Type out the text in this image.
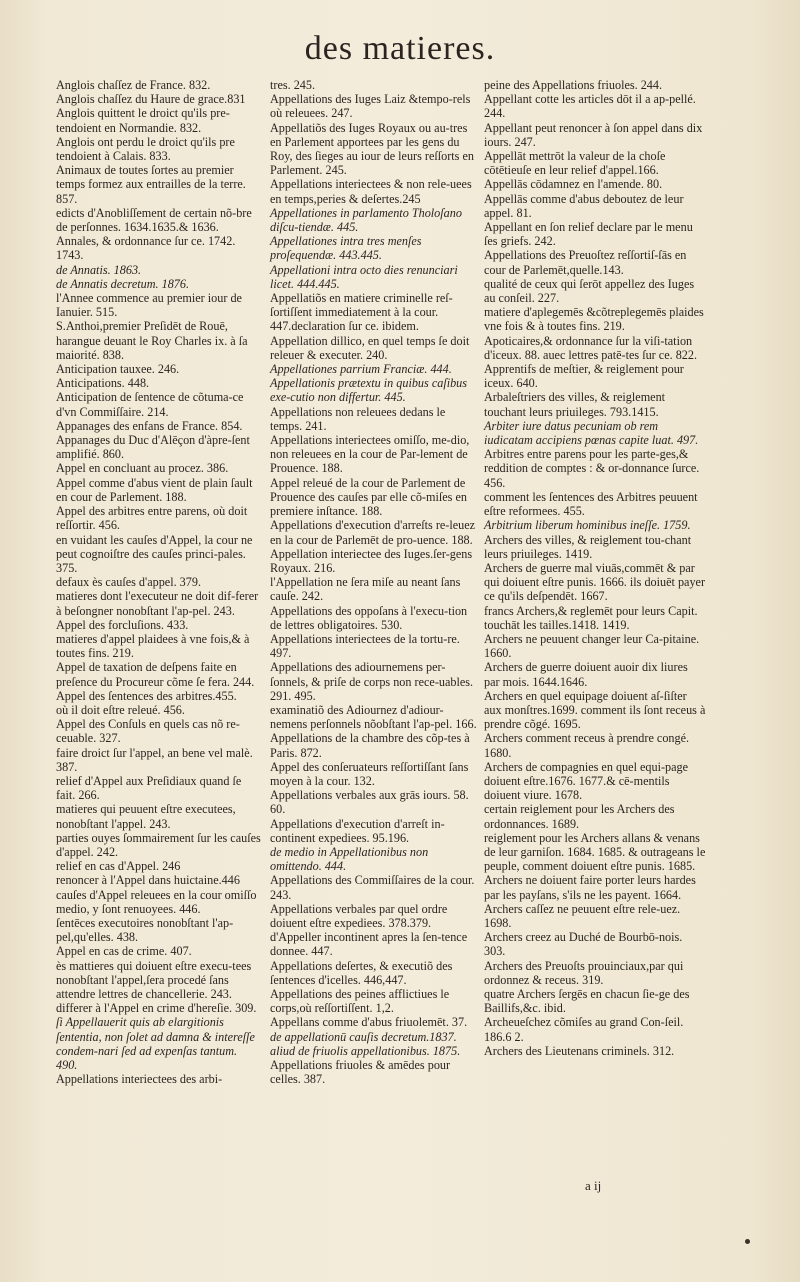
des matieres.

Anglois chaſſez de France. 832.

Anglois chaſſez du Haure de grace.831

Anglois quittent le droict qu'ils pre-tendoient en Normandie. 832.

Anglois ont perdu le droict qu'ils pre tendoient à Calais. 833.

Animaux de toutes ſortes au premier temps formez aux entrailles de la terre. 857.

edicts d'Anobliſſement de certain nõ-bre de perſonnes. 1634.1635.& 1636.

Annales, & ordonnance ſur ce. 1742. 1743.

de Annatis. 1863.

de Annatis decretum. 1876.

l'Annee commence au premier iour de Ianuier. 515.

S.Anthoi,premier Preſidēt de Rouē, harangue deuant le Roy Charles ix. à ſa maiorité. 838.

Anticipation tauxee. 246.

Anticipations. 448.

Anticipation de ſentence de cõtuma-ce d'vn Commiſſaire. 214.

Appanages des enfans de France. 854.

Appanages du Duc d'Alēçon d'àpre-ſent amplifié. 860.

Appel en concluant au procez. 386.

Appel comme d'abus vient de plain ſault en cour de Parlement. 188.

Appel des arbitres entre parens, où doit reſſortir. 456.

en vuidant les cauſes d'Appel, la cour ne peut cognoiſtre des cauſes princi-pales. 375.

defaux ès cauſes d'appel. 379.

matieres dont l'executeur ne doit dif-ferer à beſongner nonobſtant l'ap-pel. 243.

Appel des forcluſions. 433.

matieres d'appel plaidees à vne fois,& à toutes fins. 219.

Appel de taxation de deſpens faite en preſence du Procureur cõme ſe fera. 244.

Appel des ſentences des arbitres.455.

où il doit eſtre releué. 456.

Appel des Conſuls en quels cas nõ re-ceuable. 327.

faire droict ſur l'appel, an bene vel malè. 387.

relief d'Appel aux Preſidiaux quand ſe fait. 266.

matieres qui peuuent eſtre executees, nonobſtant l'appel. 243.

parties ouyes ſommairement ſur les cauſes d'appel. 242.

relief en cas d'Appel. 246

renoncer à l'Appel dans huictaine.446

cauſes d'Appel releuees en la cour omiſſo medio, y ſont renuoyees. 446.

ſentēces executoires nonobſtant l'ap-pel,qu'elles. 438.

Appel en cas de crime. 407.

ès mattieres qui doiuent eſtre execu-tees nonobſtant l'appel,ſera procedé ſans attendre lettres de chancellerie. 243.

differer à l'Appel en crime d'hereſie. 309.

ſi Appellauerit quis ab elargitionis ſententia, non ſolet ad damna & intereſſe condem-nari ſed ad expenſas tantum. 490.

Appellations interiectees des arbi-

tres. 245.

Appellations des Iuges Laiz &tempo-rels où releuees. 247.

Appellatiõs des Iuges Royaux ou au-tres en Parlement apportees par les gens du Roy, des ſieges au iour de leurs reſſorts en Parlement. 245.

Appellations interiectees & non rele-uees en temps,peries & deſertes.245

Appellationes in parlamento Tholoſano diſcu-tiendæ. 445.

Appellationes intra tres menſes proſequendæ. 443.445.

Appellationi intra octo dies renunciari licet. 444.445.

Appellatiõs en matiere criminelle reſ-ſortiſſent immediatement à la cour. 447.declaration ſur ce. ibidem.

Appellation dillico, en quel temps ſe doit releuer & executer. 240.

Appellationes parrium Franciæ. 444.

Appellationis prætextu in quibus caſibus exe-cutio non differtur. 445.

Appellations non releuees dedans le temps. 241.

Appellations interiectees omiſſo, me-dio, non releuees en la cour de Par-lement de Prouence. 188.

Appel releué de la cour de Parlement de Prouence des cauſes par elle cõ-miſes en premiere inſtance. 188.

Appellations d'execution d'arreſts re-leuez en la cour de Parlemēt de pro-uence. 188.

Appellation interiectee des Iuges.ſer-gens Royaux. 216.

l'Appellation ne ſera miſe au neant ſans cauſe. 242.

Appellations des oppoſans à l'execu-tion de lettres obligatoires. 530.

Appellations interiectees de la tortu-re. 497.

Appellations des adiournemens per-ſonnels, & priſe de corps non rece-uables. 291. 495.

examinatiõ des Adiournez d'adiour-nemens perſonnels nõobſtant l'ap-pel. 166.

Appellations de la chambre des cõp-tes à Paris. 872.

Appel des conſeruateurs reſſortiſſant ſans moyen à la cour. 132.

Appellations verbales aux grās iours. 58. 60.

Appellations d'execution d'arreſt in-continent expediees. 95.196.

de medio in Appellationibus non omittendo. 444.

Appellations des Commiſſaires de la cour. 243.

Appellations verbales par quel ordre doiuent eſtre expediees. 378.379.

d'Appeller incontinent apres la ſen-tence donnee. 447.

Appellations deſertes, & executiõ des ſentences d'icelles. 446,447.

Appellations des peines afflictiues le corps,où reſſortiſſent. 1,2.

Appellans comme d'abus friuolemēt. 37.

de appellationū cauſis decretum.1837. aliud de friuolis appellationibus. 1875.

Appellations friuoles & amēdes pour celles. 387.

peine des Appellations friuoles. 244.

Appellant cotte les articles dōt il a ap-pellé. 244.

Appellant peut renoncer à ſon appel dans dix iours. 247.

Appellāt mettrōt la valeur de la choſe cōtētieuſe en leur relief d'appel.166.

Appellās cōdamnez en l'amende. 80.

Appellās comme d'abus deboutez de leur appel. 81.

Appellant en ſon relief declare par le menu ſes griefs. 242.

Appellations des Preuoſtez reſſortiſ-ſās en cour de Parlemēt,quelle.143.

qualité de ceux qui ſerōt appellez des Iuges au conſeil. 227.

matiere d'aplegemēs &cõtreplegemēs plaides vne fois & à toutes fins. 219.

Apoticaires,& ordonnance ſur la viſi-tation d'iceux. 88. auec lettres patē-tes ſur ce. 822.

Apprentifs de meſtier, & reiglement pour iceux. 640.

Arbaleſtriers des villes, & reiglement touchant leurs priuileges. 793.1415.

Arbiter iure datus pecuniam ob rem iudicatam accipiens pœnas capite luat. 497.

Arbitres entre parens pour les parte-ges,& reddition de comptes : & or-donnance ſurce. 456.

comment les ſentences des Arbitres peuuent eſtre reformees. 455.

Arbitrium liberum hominibus ineſſe. 1759.

Archers des villes, & reiglement tou-chant leurs priuileges. 1419.

Archers de guerre mal viuās,commēt & par qui doiuent eſtre punis. 1666. ils doiuēt payer ce qu'ils deſpendēt. 1667.

francs Archers,& reglemēt pour leurs Capit. touchāt les tailles.1418. 1419.

Archers ne peuuent changer leur Ca-pitaine. 1660.

Archers de guerre doiuent auoir dix liures par mois. 1644.1646.

Archers en quel equipage doiuent aſ-ſiſter aux monſtres.1699. comment ils ſont receus à prendre cõgé. 1695.

Archers comment receus à prendre congé. 1680.

Archers de compagnies en quel equi-page doiuent eſtre.1676. 1677.& cē-mentils doiuent viure. 1678.

certain reiglement pour les Archers des ordonnances. 1689.

reiglement pour les Archers allans & venans de leur garniſon. 1684. 1685. & outrageans le peuple, comment doiuent eſtre punis. 1685.

Archers ne doiuent faire porter leurs hardes par les payſans, s'ils ne les payent. 1664.

Archers caſſez ne peuuent eſtre rele-uez. 1698.

Archers creez au Duché de Bourbō-nois. 303.

Archers des Preuoſts prouinciaux,par qui ordonnez & receus. 319.

quatre Archers ſergēs en chacun ſie-ge des Baillifs,&c. ibid.

Archeueſchez cõmiſes au grand Con-ſeil. 186.6 2.

Archers des Lieutenans criminels. 312.

a ij
